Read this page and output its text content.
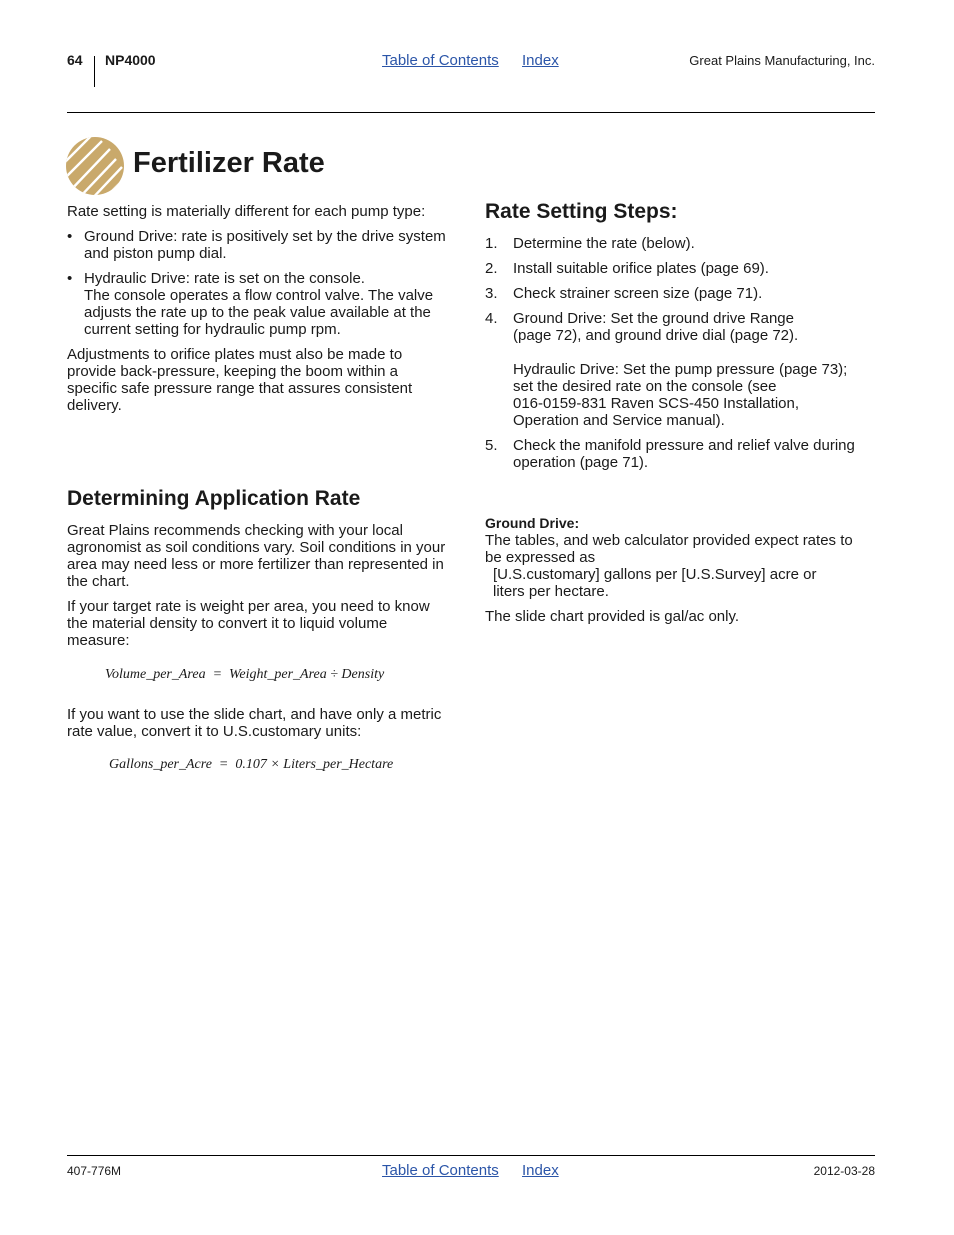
64 NP4000	Table of Contents Index	Great Plains Manufacturing, Inc.
Fertilizer Rate

Rate setting is materially different for each pump type:

• Ground Drive: rate is positively set by the drive system

and piston pump dial.

• Hydraulic Drive: rate is set on the console.

The console operates a flow control valve. The valve

adjusts the rate up to the peak value available at the

current setting for hydraulic pump rpm.

Adjustments to orifice plates must also be made to

provide back-pressure, keeping the boom within a

specific safe pressure range that assures consistent

delivery.

Determining Application Rate

Great Plains recommends checking with your local

agronomist as soil conditions vary. Soil conditions in your

area may need less or more fertilizer than represented in

the chart.

If your target rate is weight per area, you need to know

the material density to convert it to liquid volume

measure:

Volume_per_Area  =  Weight_per_Area ÷ Density

If you want to use the slide chart, and have only a metric

rate value, convert it to U.S.customary units:

Gallons_per_Acre  =  0.107 × Liters_per_Hectare
Rate Setting Steps:
1.	Determine the rate (below).

2.	Install suitable orifice plates (page 69).

3.	Check strainer screen size (page 71).

4.	Ground Drive: Set the ground drive Range

(page 72), and ground drive dial (page 72).

Hydraulic Drive: Set the pump pressure (page 73);

set the desired rate on the console (see

016-0159-831 Raven SCS-450 Installation,

Operation and Service manual).

5.	Check the manifold pressure and relief valve during

operation (page 71).

Ground Drive:

The tables, and web calculator provided expect rates to

be expressed as

[U.S.customary] gallons per [U.S.Survey] acre or

liters per hectare.

The slide chart provided is gal/ac only.

407-776M	Table of Contents Index	2012-03-28
